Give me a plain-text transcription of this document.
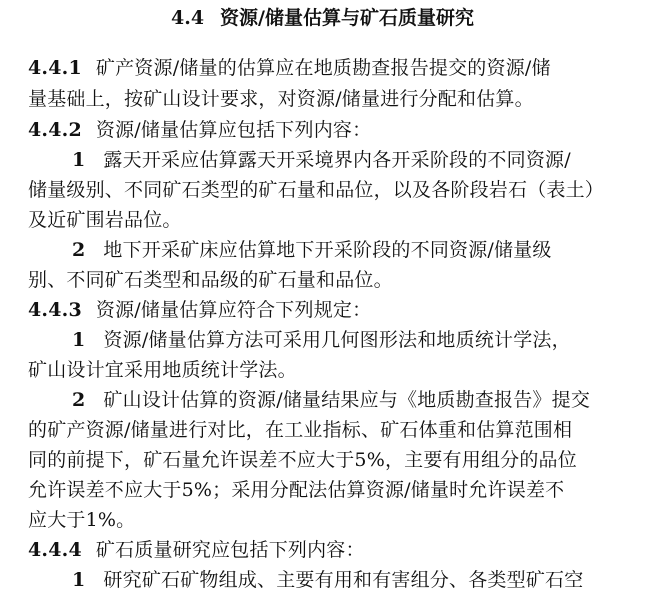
4.4 资源/储量估算与矿石质量研究
4.4.1 矿产资源/储量的估算应在地质勘查报告提交的资源/储
量基础上，按矿山设计要求，对资源/储量进行分配和估算。
4.4.2 资源/储量估算应包括下列内容：
1 露天开采应估算露天开采境界内各开采阶段的不同资源/
储量级别、不同矿石类型的矿石量和品位，以及各阶段岩石（表土）
及近矿围岩品位。
2 地下开采矿床应估算地下开采阶段的不同资源/储量级
别、不同矿石类型和品级的矿石量和品位。
4.4.3 资源/储量估算应符合下列规定：
1 资源/储量估算方法可采用几何图形法和地质统计学法，
矿山设计宜采用地质统计学法。
2 矿山设计估算的资源/储量结果应与《地质勘查报告》提交
的矿产资源/储量进行对比，在工业指标、矿石体重和估算范围相
同的前提下，矿石量允许误差不应大于5%，主要有用组分的品位
允许误差不应大于5%；采用分配法估算资源/储量时允许误差不
应大于1%。
4.4.4 矿石质量研究应包括下列内容：
1 研究矿石矿物组成、主要有用和有害组分、各类型矿石空
